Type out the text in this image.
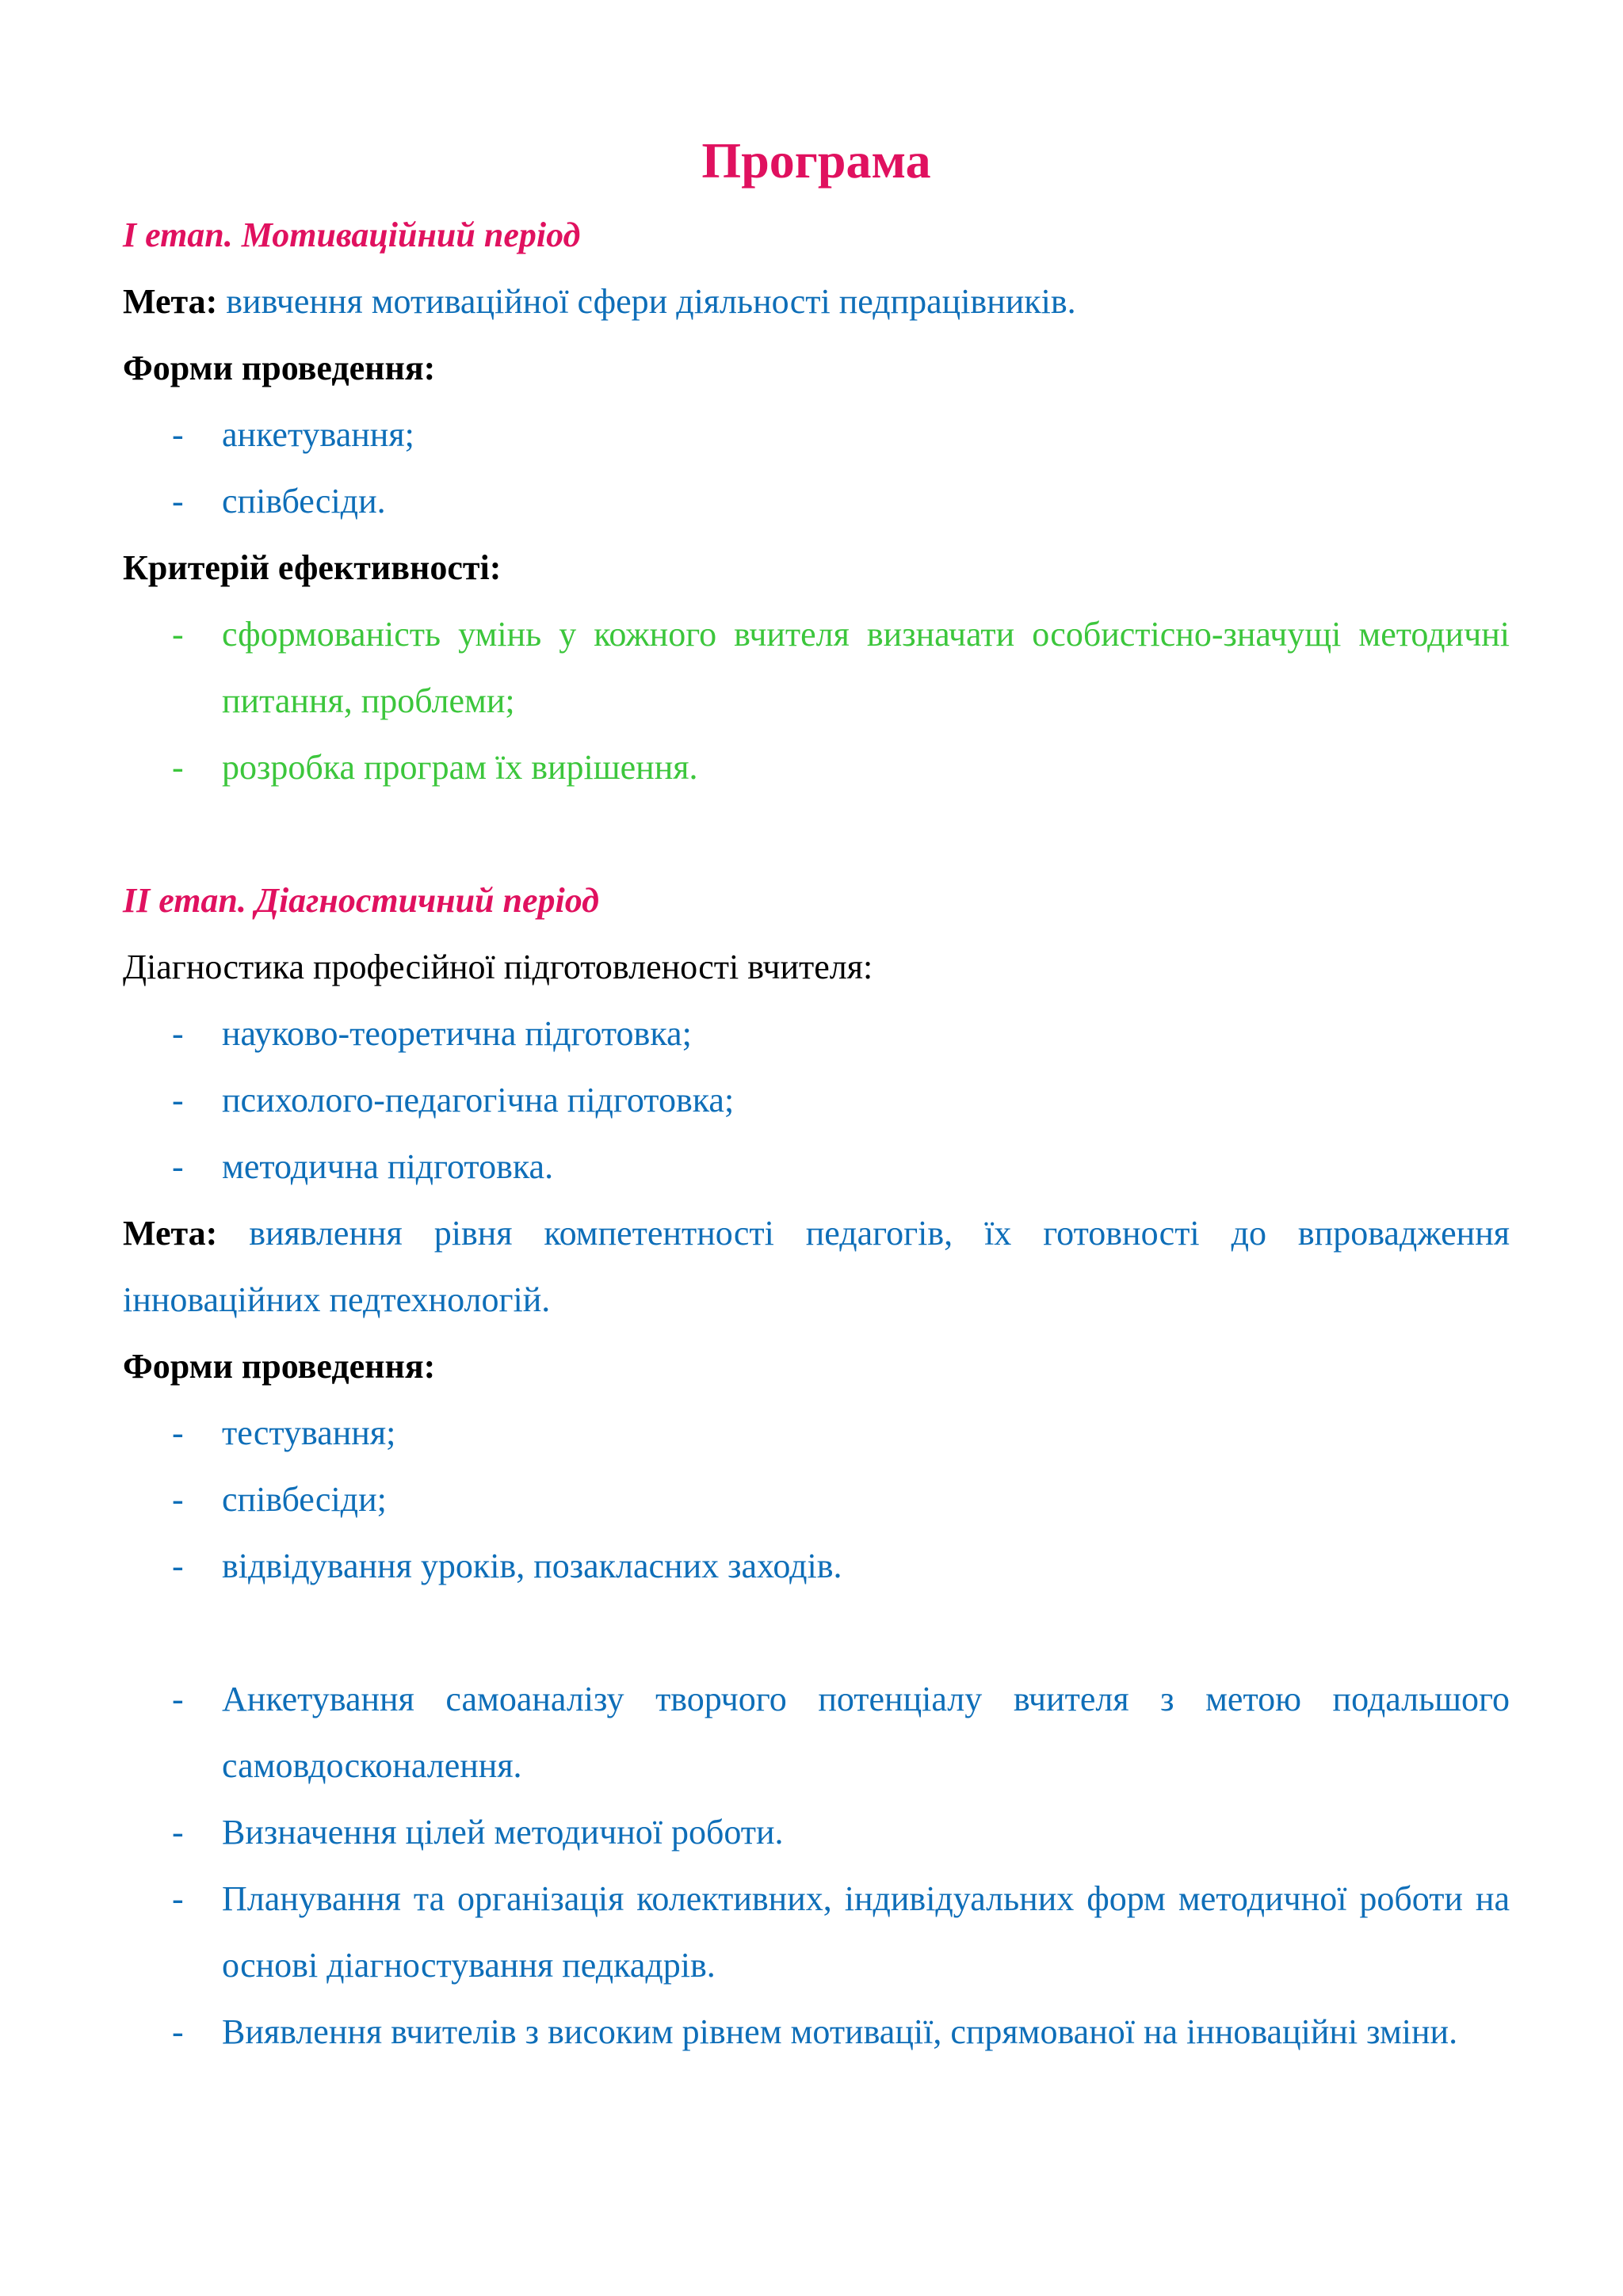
Програма

І етап. Мотиваційний період

Мета: вивчення мотиваційної сфери діяльності педпрацівників.

Форми проведення:

- анкетування;
- співбесіди.

Критерій ефективності:

- сформованість умінь у кожного вчителя визначати особистісно-значущі методичні питання, проблеми;
- розробка програм їх вирішення.

ІІ етап. Діагностичний період

Діагностика професійної підготовленості вчителя:

- науково-теоретична підготовка;
- психолого-педагогічна підготовка;
- методична підготовка.

Мета: виявлення рівня компетентності педагогів, їх готовності до впровадження інноваційних педтехнологій.

Форми проведення:

- тестування;
- співбесіди;
- відвідування уроків, позакласних заходів.
- Анкетування самоаналізу творчого потенціалу вчителя з метою подальшого самовдосконалення.
- Визначення цілей методичної роботи.
- Планування та організація колективних, індивідуальних форм методичної роботи на основі діагностування педкадрів.
- Виявлення вчителів з високим рівнем мотивації, спрямованої на інноваційні зміни.
